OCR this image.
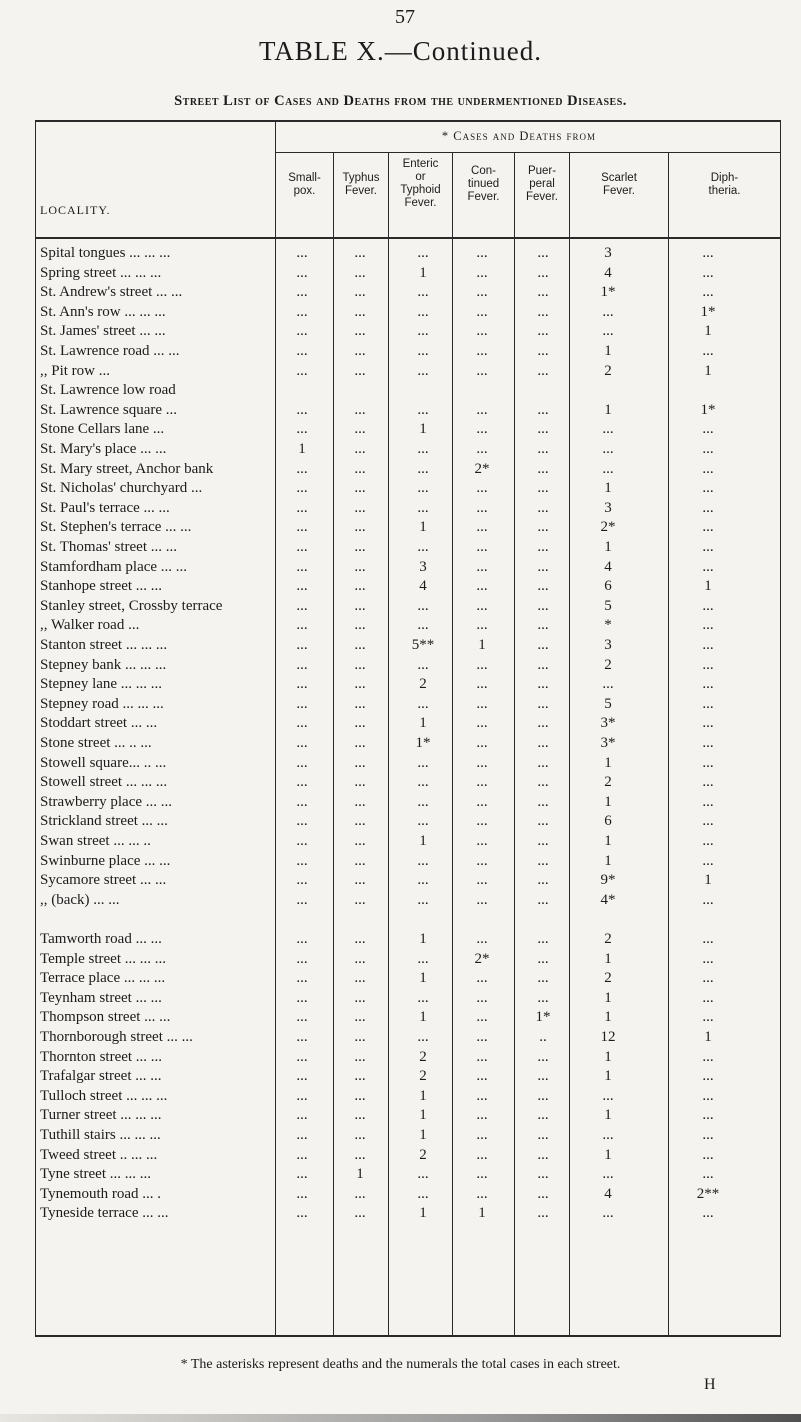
57
TABLE X.—Continued.
Street List of Cases and Deaths from the undermentioned Diseases.
LOCALITY.
* Cases and Deaths from
Small-
pox.
Typhus
Fever.
Enteric
or
Typhoid
Fever.
Con-
tinued
Fever.
Puer-
peral
Fever.
Scarlet
Fever.
Diph-
theria.
Spital tongues ... ... ...	...	...	...	...	...	3	...
Spring street ... ... ...	...	...	1	...	...	4	...
St. Andrew's street ... ...	...	...	...	...	...	1*	...
St. Ann's row ... ... ...	...	...	...	...	...	...	1*
St. James' street ... ...	...	...	...	...	...	...	1
St. Lawrence road ... ...	...	...	...	...	...	1	...
,, Pit row ...	...	...	...	...	...	2	1
St. Lawrence low road
St. Lawrence square ...	...	...	...	...	...	1	1*
Stone Cellars lane ...	...	...	1	...	...	...	...
St. Mary's place ... ...	1	...	...	...	...	...	...
St. Mary street, Anchor bank	...	...	...	2*	...	...	...
St. Nicholas' churchyard ...	...	...	...	...	...	1	...
St. Paul's terrace ... ...	...	...	...	...	...	3	...
St. Stephen's terrace ... ...	...	...	1	...	...	2*	...
St. Thomas' street ... ...	...	...	...	...	...	1	...
Stamfordham place ... ...	...	...	3	...	...	4	...
Stanhope street ... ...	...	...	4	...	...	6	1
Stanley street, Crossby terrace	...	...	...	...	...	5	...
,, Walker road ...	...	...	...	...	...	*	...
Stanton street ... ... ...	...	...	5**	1	...	3	...
Stepney bank ... ... ...	...	...	...	...	...	2	...
Stepney lane ... ... ...	...	...	2	...	...	...	...
Stepney road ... ... ...	...	...	...	...	...	5	...
Stoddart street ... ...	...	...	1	...	...	3*	...
Stone street ... .. ...	...	...	1*	...	...	3*	...
Stowell square... .. ...	...	...	...	...	...	1	...
Stowell street ... ... ...	...	...	...	...	...	2	...
Strawberry place ... ...	...	...	...	...	...	1	...
Strickland street ... ...	...	...	...	...	...	6	...
Swan street ... ... ..	...	...	1	...	...	1	...
Swinburne place ... ...	...	...	...	...	...	1	...
Sycamore street ... ...	...	...	...	...	...	9*	1
,, (back) ... ...	...	...	...	...	...	4*	...
Tamworth road ... ...	...	...	1	...	...	2	...
Temple street ... ... ...	...	...	...	2*	...	1	...
Terrace place ... ... ...	...	...	1	...	...	2	...
Teynham street ... ...	...	...	...	...	...	1	...
Thompson street ... ...	...	...	1	...	1*	1	...
Thornborough street ... ...	...	...	...	...	..	12	1
Thornton street ... ...	...	...	2	...	...	1	...
Trafalgar street ... ...	...	...	2	...	...	1	...
Tulloch street ... ... ...	...	...	1	...	...	...	...
Turner street ... ... ...	...	...	1	...	...	1	...
Tuthill stairs ... ... ...	...	...	1	...	...	...	...
Tweed street .. ... ...	...	...	2	...	...	1	...
Tyne street ... ... ...	...	1	...	...	...	...	...
Tynemouth road ... .	...	...	...	...	...	4	2**
Tyneside terrace ... ...	...	...	1	1	...	...	...
* The asterisks represent deaths and the numerals the total cases in each street.
H
